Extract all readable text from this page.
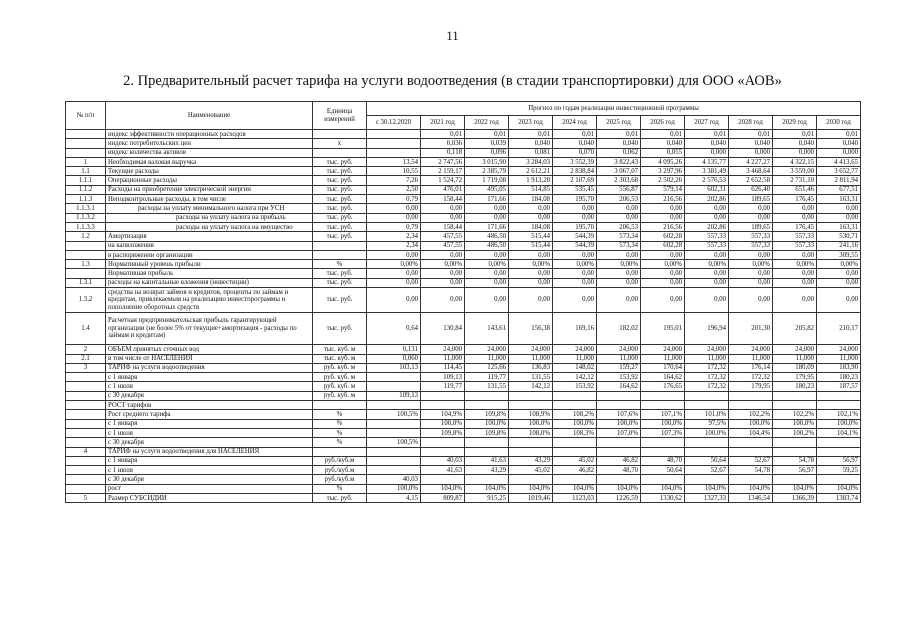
11
2. Предварительный расчет тарифа на услуги водоотведения (в стадии транспортировки) для ООО «АОВ»
№ п/п	Наименование	Единица измерений	Прогноз по годам реализации инвестиционной программы										
			с 30.12.2020	2021 год	2022 год	2023 год	2024 год	2025 год	2026 год	2027 год	2028 год	2029 год	2030 год
	индекс эффективности операционных расходов			0,01	0,01	0,01	0,01	0,01	0,01	0,01	0,01	0,01	0,01
	индекс потребительских цен	х		0,036	0,039	0,040	0,040	0,040	0,040	0,040	0,040	0,040	0,040
	индекс количества активов			0,118	0,096	0,081	0,070	0,062	0,055	0,000	0,000	0,000	0,000
1	Необходимая валовая выручка	тыс. руб.	13,54	2 747,56	3 015,90	3 284,03	3 552,39	3 822,43	4 095,26	4 135,77	4 227,27	4 322,15	4 413,65
1.1	Текущие расходы	тыс. руб.	10,55	2 159,17	2 385,79	2 612,21	2 838,84	3 067,07	3 297,96	3 381,49	3 468,64	3 559,00	3 652,77
1.1.1	Операционные расходы	тыс. руб.	7,26	1 524,72	1 719,08	1 913,28	2 107,69	2 303,68	2 502,26	2 576,53	2 652,58	2 731,10	2 811,94
1.1.2	Расходы на приобретение электрической энергии	тыс. руб.	2,50	476,01	495,05	514,85	535,45	556,87	579,14	602,31	626,40	651,46	677,51
1.1.3	Неподконтрольные расходы, в том числе	тыс. руб.	0,79	158,44	171,66	184,08	195,70	206,53	216,56	202,86	189,65	176,45	163,31
1.1.3.1	расходы на уплату минимального налога при УСН	тыс. руб.	0,00	0,00	0,00	0,00	0,00	0,00	0,00	0,00	0,00	0,00	0,00
1.1.3.2	расходы на уплату налога на прибыль	тыс. руб.	0,00	0,00	0,00	0,00	0,00	0,00	0,00	0,00	0,00	0,00	0,00
1.1.3.3	расходы на уплату налога на имущество	тыс. руб.	0,79	158,44	171,66	184,08	195,70	206,53	216,56	202,86	189,65	176,45	163,31
1.2	Амортизация	тыс. руб.	2,34	457,55	486,50	515,44	544,39	573,34	602,28	557,33	557,33	557,33	530,71
	на капвложения		2,34	457,55	486,50	515,44	544,39	573,34	602,28	557,33	557,33	557,33	241,16
	в распоряжении организации		0,00	0,00	0,00	0,00	0,00	0,00	0,00	0,00	0,00	0,00	309,55
1.3	Нормативный уровень прибыли	%	0,00%	0,00%	0,00%	0,00%	0,00%	0,00%	0,00%	0,00%	0,00%	0,00%	0,00%
	Нормативная прибыль	тыс. руб.	0,00	0,00	0,00	0,00	0,00	0,00	0,00	0,00	0,00	0,00	0,00
1.3.1	расходы на капитальные вложения (инвестиции)	тыс. руб.	0,00	0,00	0,00	0,00	0,00	0,00	0,00	0,00	0,00	0,00	0,00
1.3.2	средства на возврат займов и кредитов, проценты по займам и кредитам, привлекаемым на реализацию инвестпрограммы и пополнение оборотных средств	тыс. руб.	0,00	0,00	0,00	0,00	0,00	0,00	0,00	0,00	0,00	0,00	0,00
1.4	Расчетная предпринимательская прибыль гарантирующей организации (не более 5% от текущие+амортизация - расходы по займам и кредитам)	тыс. руб.	0,64	130,84	143,61	156,38	169,16	182,02	195,01	196,94	201,30	205,82	210,17
2	ОБЪЕМ принятых сточных вод	тыс. куб. м	0,131	24,000	24,000	24,000	24,000	24,000	24,000	24,000	24,000	24,000	24,000
2.1	в том числе от НАСЕЛЕНИЯ	тыс. куб. м	0,060	11,000	11,000	11,000	11,000	11,000	11,000	11,000	11,000	11,000	11,000
3	ТАРИФ на услуги водоотведения	руб. куб. м	103,13	114,45	125,66	136,83	148,02	159,27	170,64	172,32	176,14	180,09	183,90
	с 1 января	руб. куб. м		109,13	119,77	131,55	142,12	153,92	164,62	172,32	172,32	179,95	180,23
	с 1 июля	руб. куб. м		119,77	131,55	142,12	153,92	164,62	176,65	172,32	179,95	180,23	187,57
	с 30 декабря	руб. куб. м	109,13										
	РОСТ тарифов												
	Рост среднего тарифа	%	100,5%	104,9%	109,8%	108,9%	108,2%	107,6%	107,1%	101,0%	102,2%	102,2%	102,1%
	с 1 января	%		100,0%	100,0%	100,0%	100,0%	100,0%	100,0%	97,5%	100,0%	100,0%	100,0%
	с 1 июля	%		109,8%	109,8%	108,0%	108,3%	107,0%	107,3%	100,0%	104,4%	100,2%	104,1%
	с 30 декабря	%	100,5%										
4	ТАРИФ на услуги водоотведения для НАСЕЛЕНИЯ												
	с 1 января	руб./куб.м		40,03	41,63	43,29	45,02	46,82	48,70	50,64	52,67	54,78	56,97
	с 1 июля	руб./куб.м		41,63	43,29	45,02	46,82	48,70	50,64	52,67	54,78	56,97	59,25
	с 30 декабря	руб./куб.м	40,03										
	рост	%	100,0%	104,0%	104,0%	104,0%	104,0%	104,0%	104,0%	104,0%	104,0%	104,0%	104,0%
5	Размер СУБСИДИИ	тыс. руб.	4,15	809,87	915,25	1019,46	1123,03	1226,59	1330,62	1327,33	1346,54	1366,39	1383,74
